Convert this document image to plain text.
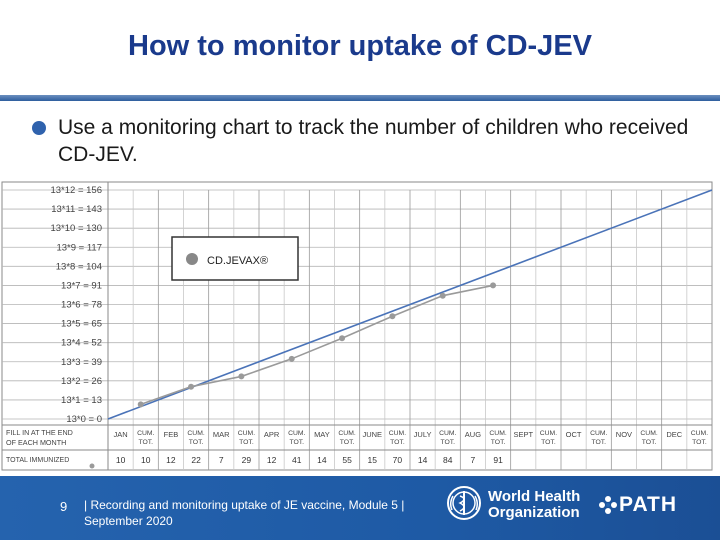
How to monitor uptake of CD-JEV
Use a monitoring chart to track the number of children who received CD-JEV.
13*12 = 156
13*11 = 143
13*10 = 130
13*9 = 117
13*8 = 104
13*7 = 91
13*6 = 78
13*5 = 65
13*4 = 52
13*3 = 39
13*2 = 26
13*1 = 13
13*0 = 0
FILL IN AT THE END
OF EACH MONTH
TOTAL IMMUNIZED
JAN CUM.
TOT.
10 10
FEB CUM.
TOT.
12 22
MAR CUM.
TOT.
7 29
APR CUM.
TOT.
12 41
MAY CUM.
TOT.
14 55
JUNE CUM.
TOT.
15 70
JULY CUM.
TOT.
14 84
AUG CUM.
TOT.
7 91
SEPT CUM.
TOT.
OCT CUM.
TOT.
NOV CUM.
TOT.
DEC CUM.
TOT.
CD.JEVAX®
9 | Recording and monitoring uptake of JE vaccine, Module 5 |
September 2020
World Health
Organization	PATH
